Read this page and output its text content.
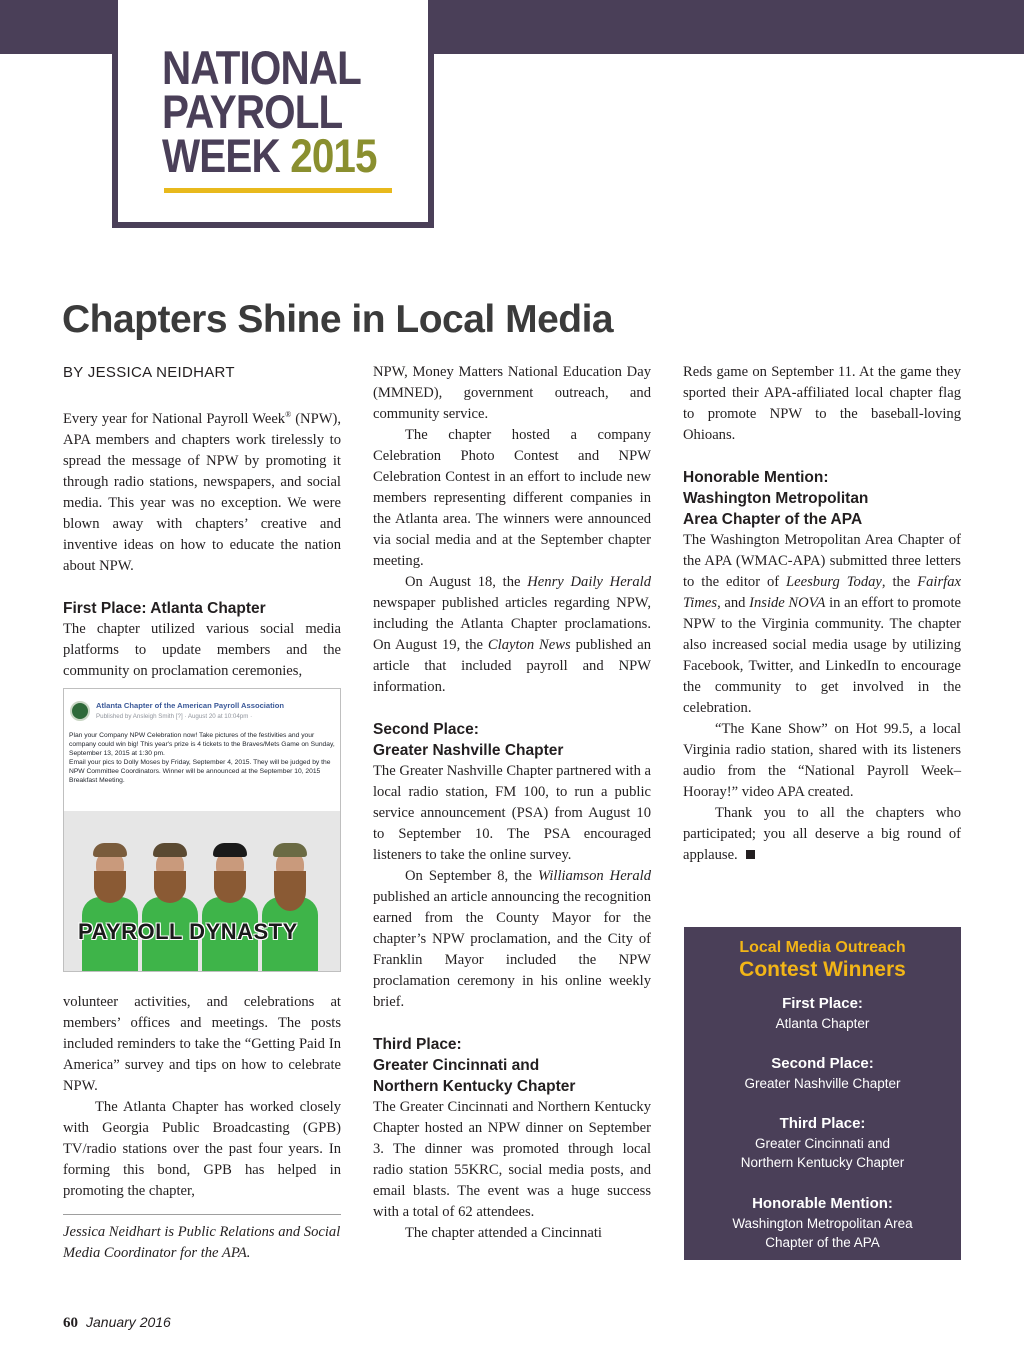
NATIONAL
PAYROLL
WEEK 2015
Chapters Shine in Local Media
BY JESSICA NEIDHART

Every year for National Payroll Week® (NPW), APA members and chapters work tirelessly to spread the message of NPW by promoting it through radio stations, newspapers, and social media. This year was no exception. We were blown away with chapters’ creative and inventive ideas on how to educate the nation about NPW.

First Place: Atlanta Chapter

The chapter utilized various social media platforms to update members and the community on proclamation ceremonies,

Atlanta Chapter of the American Payroll Association
Published by Ansleigh Smith [?] · August 20 at 10:04pm ·
Plan your Company NPW Celebration now! Take pictures of the festivities and your company could win big! This year's prize is 4 tickets to the Braves/Mets Game on Sunday, September 13, 2015 at 1:30 pm.
Email your pics to Dolly Moses by Friday, September 4, 2015. They will be judged by the NPW Committee Coordinators. Winner will be announced at the September 10, 2015 Breakfast Meeting.
PAYROLL DYNASTY

volunteer activities, and celebrations at members’ offices and meetings. The posts included reminders to take the “Getting Paid In America” survey and tips on how to celebrate NPW.

The Atlanta Chapter has worked closely with Georgia Public Broadcasting (GPB) TV/radio stations over the past four years. In forming this bond, GPB has helped in promoting the chapter,

Jessica Neidhart is Public Relations and Social Media Coordinator for the APA.

NPW, Money Matters National Education Day (MMNED), government outreach, and community service.

The chapter hosted a company Celebration Photo Contest and NPW Celebration Contest in an effort to include new members representing different companies in the Atlanta area. The winners were announced via social media and at the September chapter meeting.

On August 18, the Henry Daily Herald newspaper published articles regarding NPW, including the Atlanta Chapter proclamations. On August 19, the Clayton News published an article that included payroll and NPW information.

Second Place:
Greater Nashville Chapter

The Greater Nashville Chapter partnered with a local radio station, FM 100, to run a public service announcement (PSA) from August 10 to September 10. The PSA encouraged listeners to take the online survey.

On September 8, the Williamson Herald published an article announcing the recognition earned from the County Mayor for the chapter’s NPW proclamation, and the City of Franklin Mayor included the NPW proclamation ceremony in his online weekly brief.

Third Place:
Greater Cincinnati and
Northern Kentucky Chapter

The Greater Cincinnati and Northern Kentucky Chapter hosted an NPW dinner on September 3. The dinner was promoted through local radio station 55KRC, social media posts, and email blasts. The event was a huge success with a total of 62 attendees.

The chapter attended a Cincinnati

Reds game on September 11. At the game they sported their APA-affiliated local chapter flag to promote NPW to the baseball-loving Ohioans.

Honorable Mention:
Washington Metropolitan
Area Chapter of the APA

The Washington Metropolitan Area Chapter of the APA (WMAC-APA) submitted three letters to the editor of Leesburg Today, the Fairfax Times, and Inside NOVA in an effort to promote NPW to the Virginia community. The chapter also increased social media usage by utilizing Facebook, Twitter, and LinkedIn to encourage the community to get involved in the celebration.

“The Kane Show” on Hot 99.5, a local Virginia radio station, shared with its listeners audio from the “National Payroll Week–Hooray!” video APA created.

Thank you to all the chapters who participated; you all deserve a big round of applause.

Local Media Outreach
Contest Winners
First Place:
Atlanta Chapter
Second Place:
Greater Nashville Chapter
Third Place:
Greater Cincinnati and
Northern Kentucky Chapter
Honorable Mention:
Washington Metropolitan Area
Chapter of the APA
60 January 2016
